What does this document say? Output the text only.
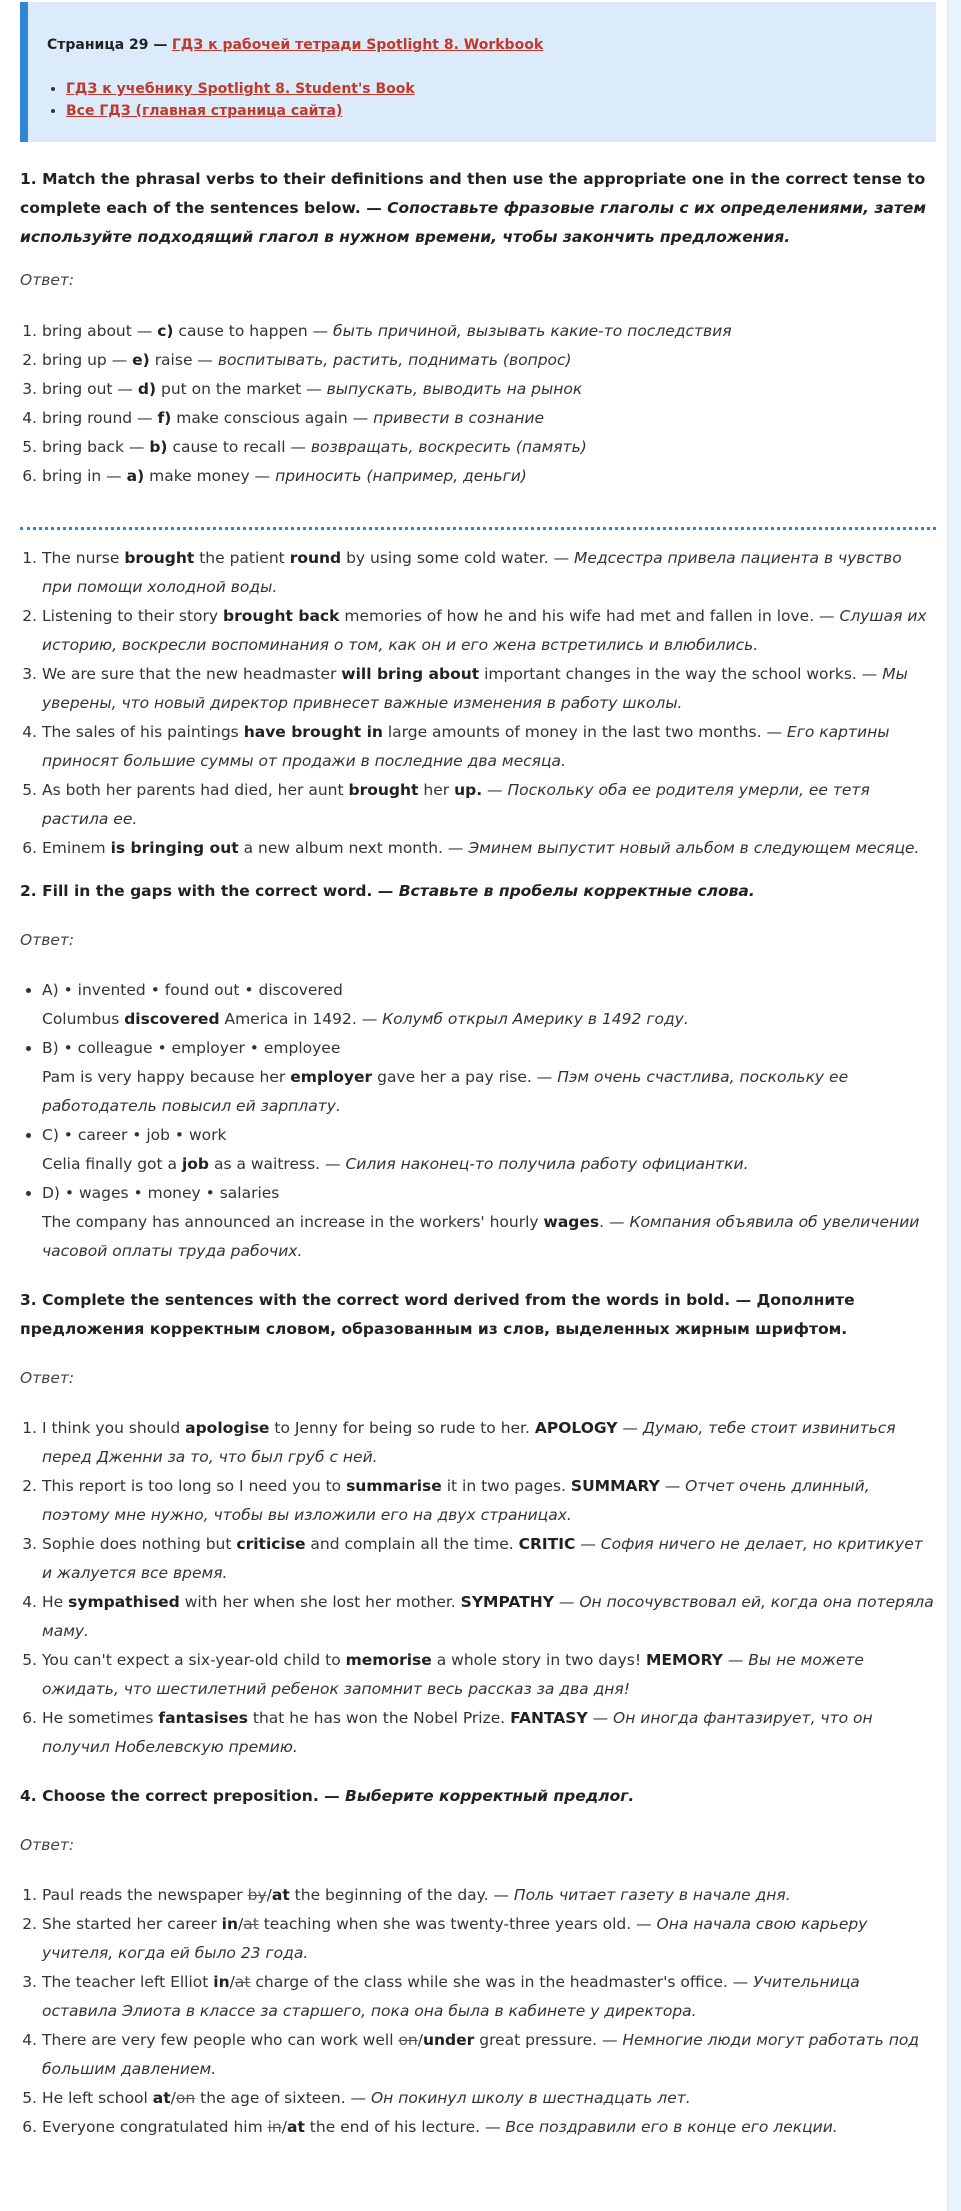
Страница 29 — ГДЗ к рабочей тетради Spotlight 8. Workbook
• ГДЗ к учебнику Spotlight 8. Student's Book
• Все ГДЗ (главная страница сайта)

1. Match the phrasal verbs to their definitions and then use the appropriate one in the correct tense to complete each of the sentences below. — Сопоставьте фразовые глаголы с их определениями, затем используйте подходящий глагол в нужном времени, чтобы закончить предложения.

Ответ:

1. bring about — c) cause to happen — быть причиной, вызывать какие-то последствия
2. bring up — e) raise — воспитывать, растить, поднимать (вопрос)
3. bring out — d) put on the market — выпускать, выводить на рынок
4. bring round — f) make conscious again — привести в сознание
5. bring back — b) cause to recall — возвращать, воскресить (память)
6. bring in — a) make money — приносить (например, деньги)
1. The nurse brought the patient round by using some cold water. — Медсестра привела пациента в чувство при помощи холодной воды.
2. Listening to their story brought back memories of how he and his wife had met and fallen in love. — Слушая их историю, воскресли воспоминания о том, как он и его жена встретились и влюбились.
3. We are sure that the new headmaster will bring about important changes in the way the school works. — Мы уверены, что новый директор привнесет важные изменения в работу школы.
4. The sales of his paintings have brought in large amounts of money in the last two months. — Его картины приносят большие суммы от продажи в последние два месяца.
5. As both her parents had died, her aunt brought her up. — Поскольку оба ее родителя умерли, ее тетя растила ее.
6. Eminem is bringing out a new album next month. — Эминем выпустит новый альбом в следующем месяце.

2. Fill in the gaps with the correct word. — Вставьте в пробелы корректные слова.

Ответ:

• A) • invented • found out • discovered
Columbus discovered America in 1492. — Колумб открыл Америку в 1492 году.
• B) • colleague • employer • employee
Pam is very happy because her employer gave her a pay rise. — Пэм очень счастлива, поскольку ее работодатель повысил ей зарплату.
• C) • career • job • work
Celia finally got a job as a waitress. — Силия наконец-то получила работу официантки.
• D) • wages • money • salaries
The company has announced an increase in the workers' hourly wages. — Компания объявила об увеличении часовой оплаты труда рабочих.

3. Complete the sentences with the correct word derived from the words in bold. — Дополните предложения корректным словом, образованным из слов, выделенных жирным шрифтом.

Ответ:

1. I think you should apologise to Jenny for being so rude to her. APOLOGY — Думаю, тебе стоит извиниться перед Дженни за то, что был груб с ней.
2. This report is too long so I need you to summarise it in two pages. SUMMARY — Отчет очень длинный, поэтому мне нужно, чтобы вы изложили его на двух страницах.
3. Sophie does nothing but criticise and complain all the time. CRITIC — София ничего не делает, но критикует и жалуется все время.
4. He sympathised with her when she lost her mother. SYMPATHY — Он посочувствовал ей, когда она потеряла маму.
5. You can't expect a six-year-old child to memorise a whole story in two days! MEMORY — Вы не можете ожидать, что шестилетний ребенок запомнит весь рассказ за два дня!
6. He sometimes fantasises that he has won the Nobel Prize. FANTASY — Он иногда фантазирует, что он получил Нобелевскую премию.

4. Choose the correct preposition. — Выберите корректный предлог.

Ответ:

1. Paul reads the newspaper by/at the beginning of the day. — Поль читает газету в начале дня.
2. She started her career in/at teaching when she was twenty-three years old. — Она начала свою карьеру учителя, когда ей было 23 года.
3. The teacher left Elliot in/at charge of the class while she was in the headmaster's office. — Учительница оставила Элиота в классе за старшего, пока она была в кабинете у директора.
4. There are very few people who can work well on/under great pressure. — Немногие люди могут работать под большим давлением.
5. He left school at/on the age of sixteen. — Он покинул школу в шестнадцать лет.
6. Everyone congratulated him in/at the end of his lecture. — Все поздравили его в конце его лекции.
